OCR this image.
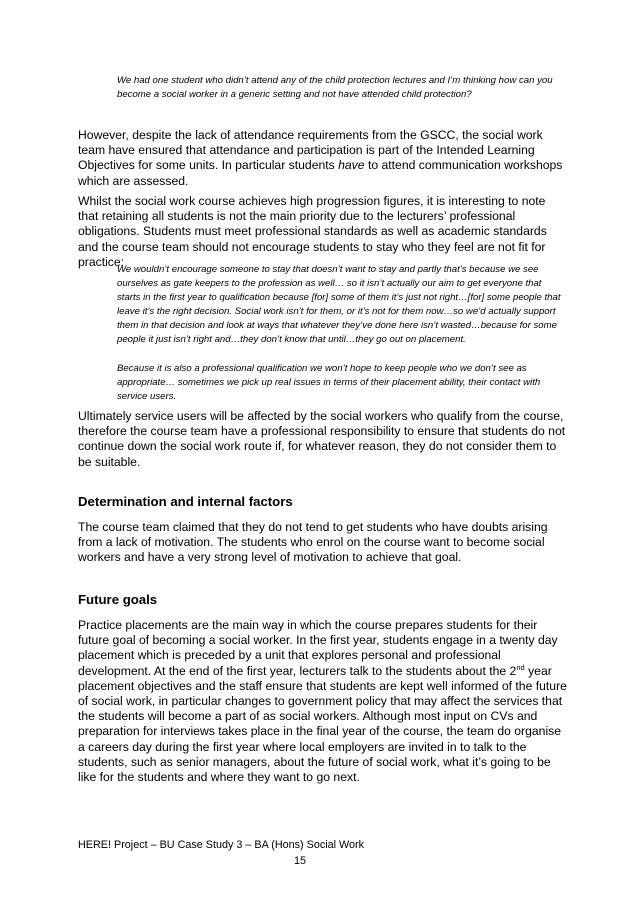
We had one student who didn’t attend any of the child protection lectures and I’m thinking how can you become a social worker in a generic setting and not have attended child protection?

However, despite the lack of attendance requirements from the GSCC, the social work team have ensured that attendance and participation is part of the Intended Learning Objectives for some units. In particular students have to attend communication workshops which are assessed.

Whilst the social work course achieves high progression figures, it is interesting to note that retaining all students is not the main priority due to the lecturers’ professional obligations. Students must meet professional standards as well as academic standards and the course team should not encourage students to stay who they feel are not fit for practice:

We wouldn’t encourage someone to stay that doesn’t want to stay and partly that’s because we see ourselves as gate keepers to the profession as well… so it isn’t actually our aim to get everyone that starts in the first year to qualification because [for] some of them it’s just not right…[for] some people that leave it’s the right decision. Social work isn’t for them, or it’s not for them now…so we’d actually support them in that decision and look at ways that whatever they’ve done here isn’t wasted…because for some people it just isn’t right and…they don’t know that until…they go out on placement.

Because it is also a professional qualification we won’t hope to keep people who we don’t see as appropriate… sometimes we pick up real issues in terms of their placement ability, their contact with service users.

Ultimately service users will be affected by the social workers who qualify from the course, therefore the course team have a professional responsibility to ensure that students do not continue down the social work route if, for whatever reason, they do not consider them to be suitable.

Determination and internal factors

The course team claimed that they do not tend to get students who have doubts arising from a lack of motivation. The students who enrol on the course want to become social workers and have a very strong level of motivation to achieve that goal.

Future goals

Practice placements are the main way in which the course prepares students for their future goal of becoming a social worker. In the first year, students engage in a twenty day placement which is preceded by a unit that explores personal and professional development. At the end of the first year, lecturers talk to the students about the 2nd year placement objectives and the staff ensure that students are kept well informed of the future of social work, in particular changes to government policy that may affect the services that the students will become a part of as social workers. Although most input on CVs and preparation for interviews takes place in the final year of the course, the team do organise a careers day during the first year where local employers are invited in to talk to the students, such as senior managers, about the future of social work, what it’s going to be like for the students and where they want to go next.

HERE! Project – BU Case Study 3 – BA (Hons) Social Work

15
